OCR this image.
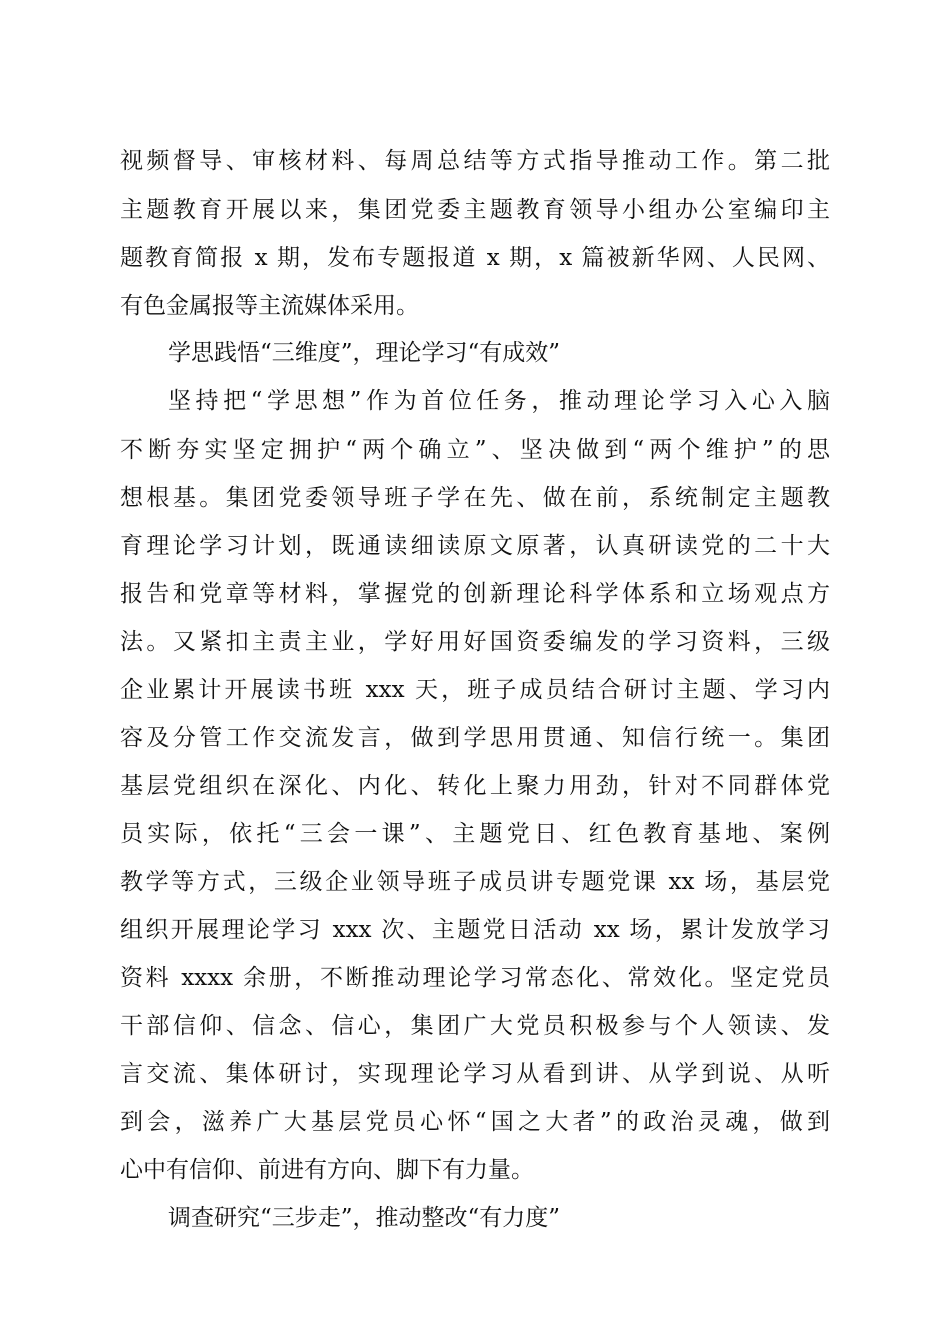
视频督导、审核材料、每周总结等方式指导推动工作。第二批
主题教育开展以来，集团党委主题教育领导小组办公室编印主
题教育简报 x 期，发布专题报道 x 期，x 篇被新华网、人民网、
有色金属报等主流媒体采用。
学思践悟“三维度”，理论学习“有成效”
坚持把“学思想”作为首位任务，推动理论学习入心入脑
不断夯实坚定拥护“两个确立”、坚决做到“两个维护”的思
想根基。集团党委领导班子学在先、做在前，系统制定主题教
育理论学习计划，既通读细读原文原著，认真研读党的二十大
报告和党章等材料，掌握党的创新理论科学体系和立场观点方
法。又紧扣主责主业，学好用好国资委编发的学习资料，三级
企业累计开展读书班 xxx 天，班子成员结合研讨主题、学习内
容及分管工作交流发言，做到学思用贯通、知信行统一。集团
基层党组织在深化、内化、转化上聚力用劲，针对不同群体党
员实际，依托“三会一课”、主题党日、红色教育基地、案例
教学等方式，三级企业领导班子成员讲专题党课 xx 场，基层党
组织开展理论学习 xxx 次、主题党日活动 xx 场，累计发放学习
资料 xxxx 余册，不断推动理论学习常态化、常效化。坚定党员
干部信仰、信念、信心，集团广大党员积极参与个人领读、发
言交流、集体研讨，实现理论学习从看到讲、从学到说、从听
到会，滋养广大基层党员心怀“国之大者”的政治灵魂，做到
心中有信仰、前进有方向、脚下有力量。
调查研究“三步走”，推动整改“有力度”
